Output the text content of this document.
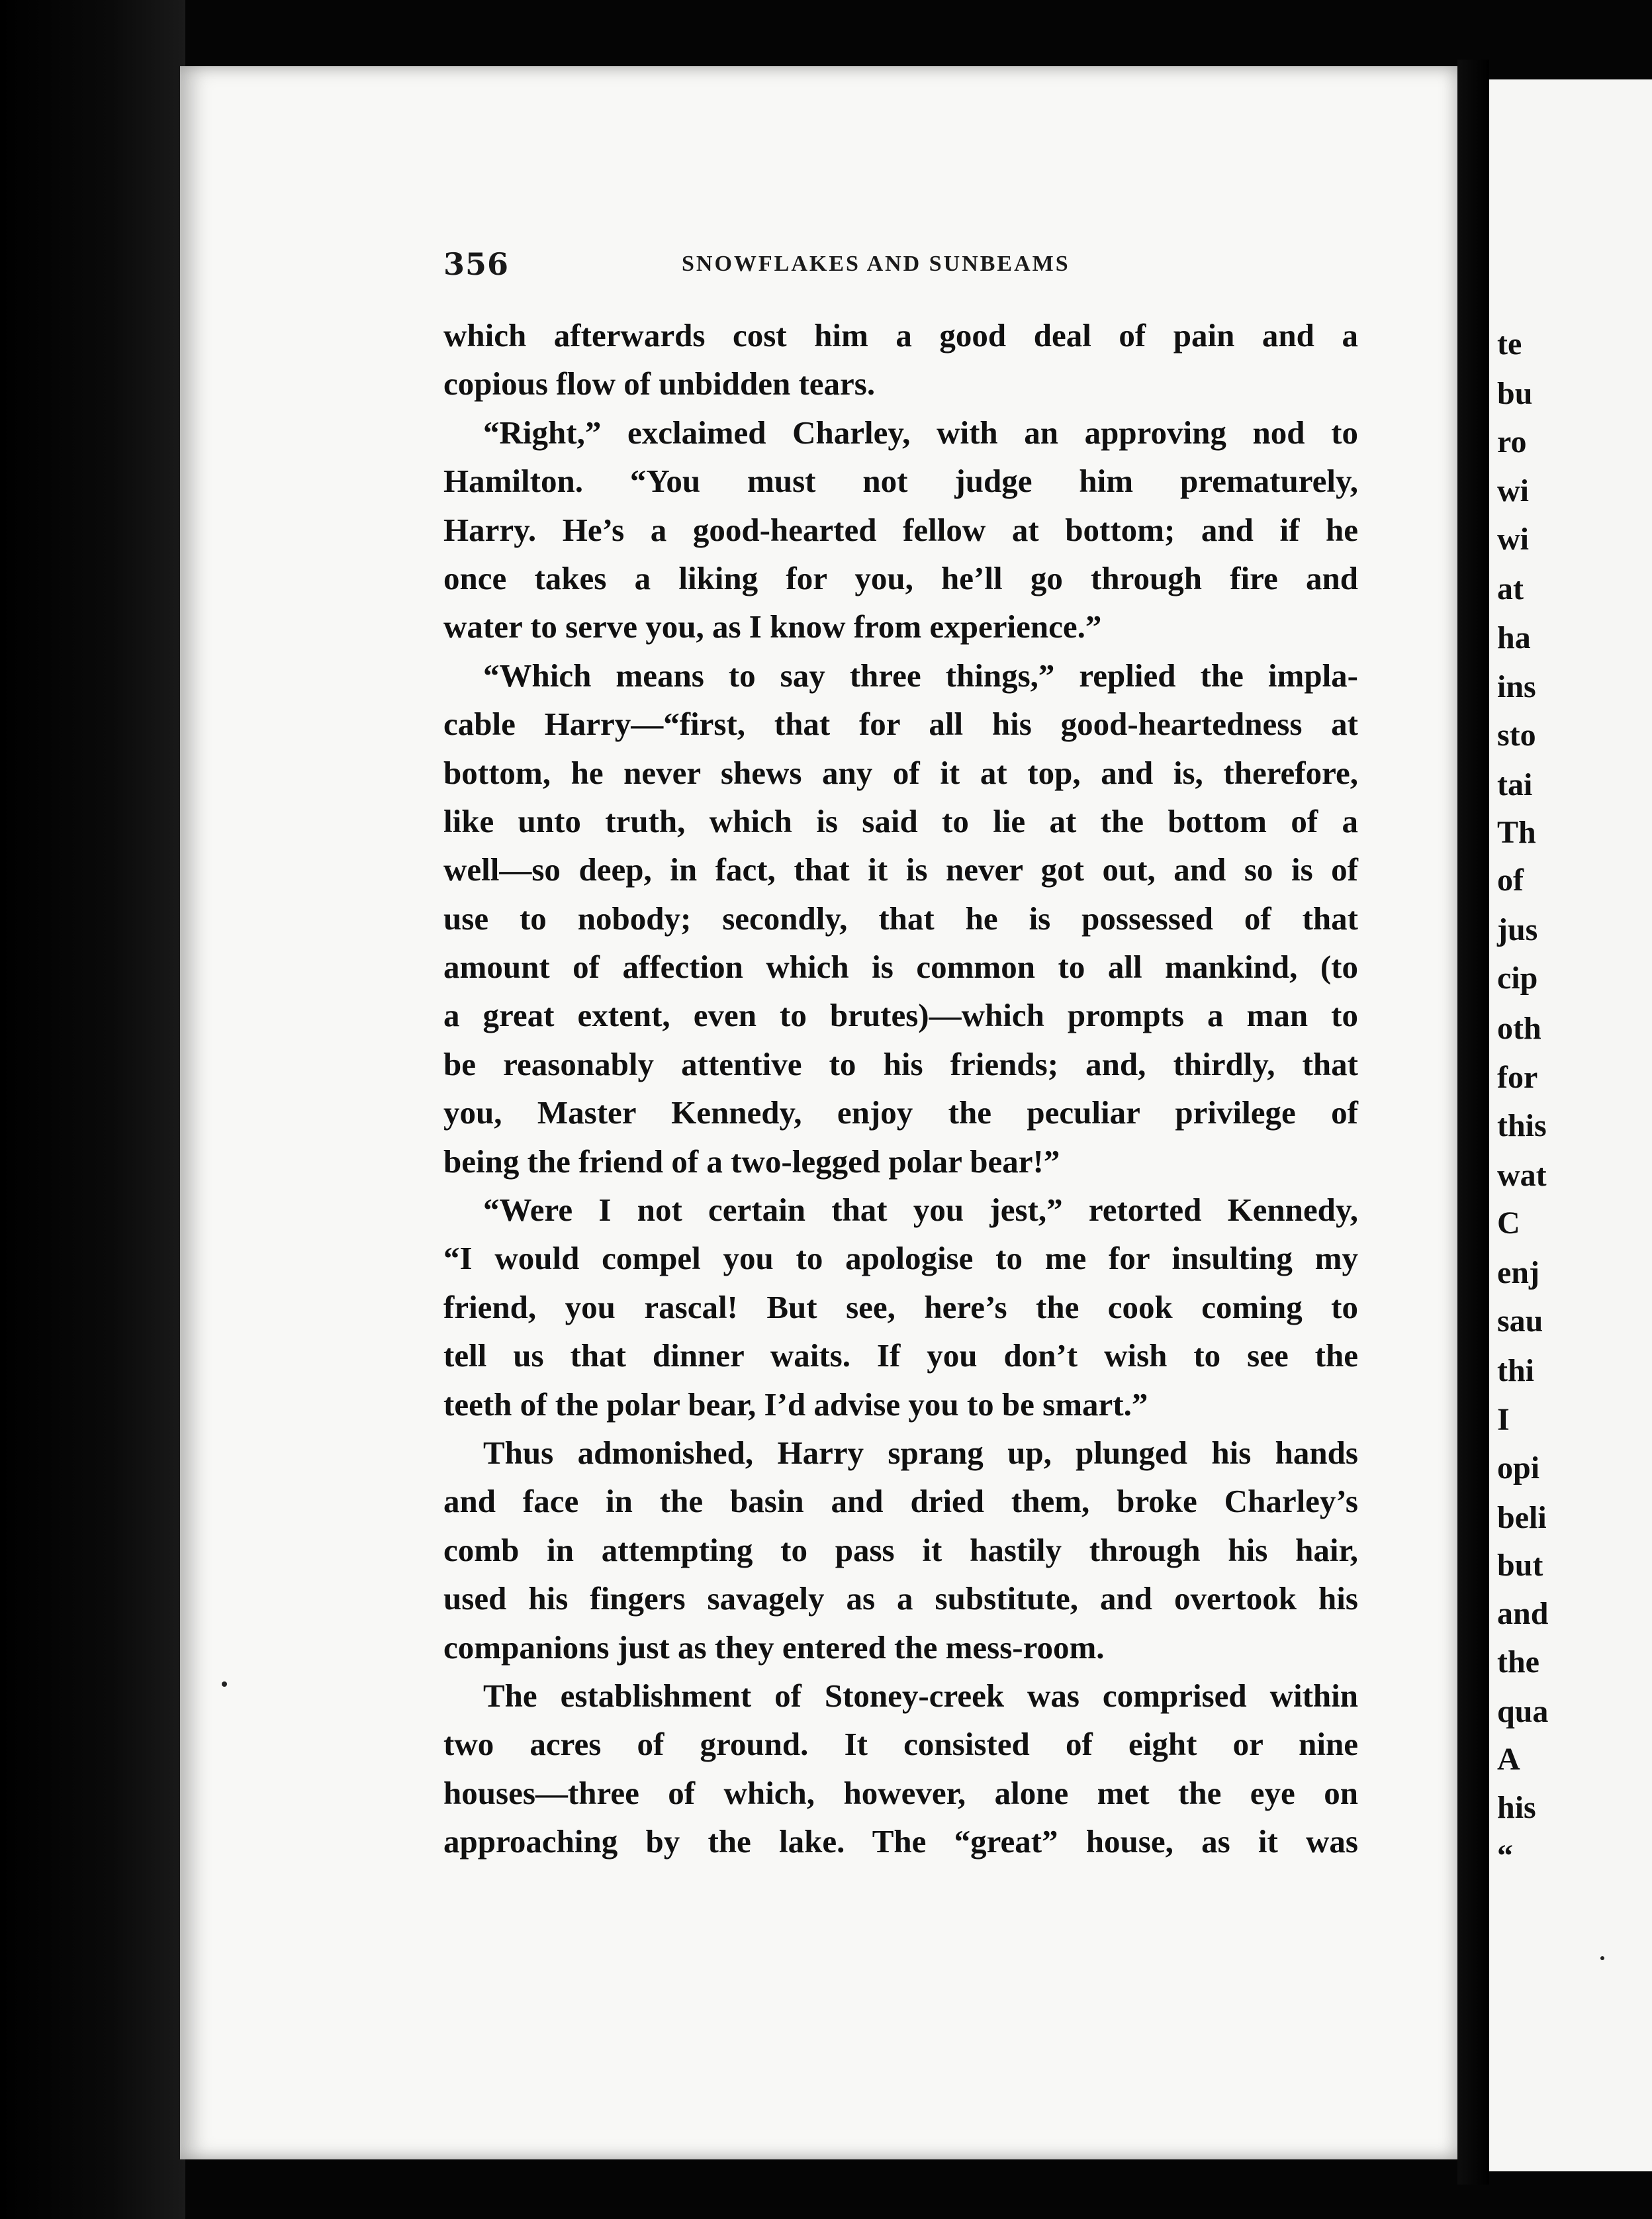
356	SNOWFLAKES AND SUNBEAMS
which afterwards cost him a good deal of pain and a
copious flow of unbidden tears.
“Right,” exclaimed Charley, with an approving nod to
Hamilton. “You must not judge him prematurely,
Harry. He’s a good-hearted fellow at bottom; and if he
once takes a liking for you, he’ll go through fire and
water to serve you, as I know from experience.”
“Which means to say three things,” replied the impla-
cable Harry—“first, that for all his good-heartedness at
bottom, he never shews any of it at top, and is, therefore,
like unto truth, which is said to lie at the bottom of a
well—so deep, in fact, that it is never got out, and so is of
use to nobody; secondly, that he is possessed of that
amount of affection which is common to all mankind, (to
a great extent, even to brutes)—which prompts a man to
be reasonably attentive to his friends; and, thirdly, that
you, Master Kennedy, enjoy the peculiar privilege of
being the friend of a two-legged polar bear!”
“Were I not certain that you jest,” retorted Kennedy,
“I would compel you to apologise to me for insulting my
friend, you rascal! But see, here’s the cook coming to
tell us that dinner waits. If you don’t wish to see the
teeth of the polar bear, I’d advise you to be smart.”
Thus admonished, Harry sprang up, plunged his hands
and face in the basin and dried them, broke Charley’s
comb in attempting to pass it hastily through his hair,
used his fingers savagely as a substitute, and overtook his
companions just as they entered the mess-room.
The establishment of Stoney-creek was comprised within
two acres of ground. It consisted of eight or nine
houses—three of which, however, alone met the eye on
approaching by the lake. The “great” house, as it was
te
bu
ro
wi
wi
at
ha
ins
sto
tai
Th
of
jus
cip
oth
for
this
wat
C
enj
sau
thi
I
opi
beli
but
and
the
qua
A
his
“
